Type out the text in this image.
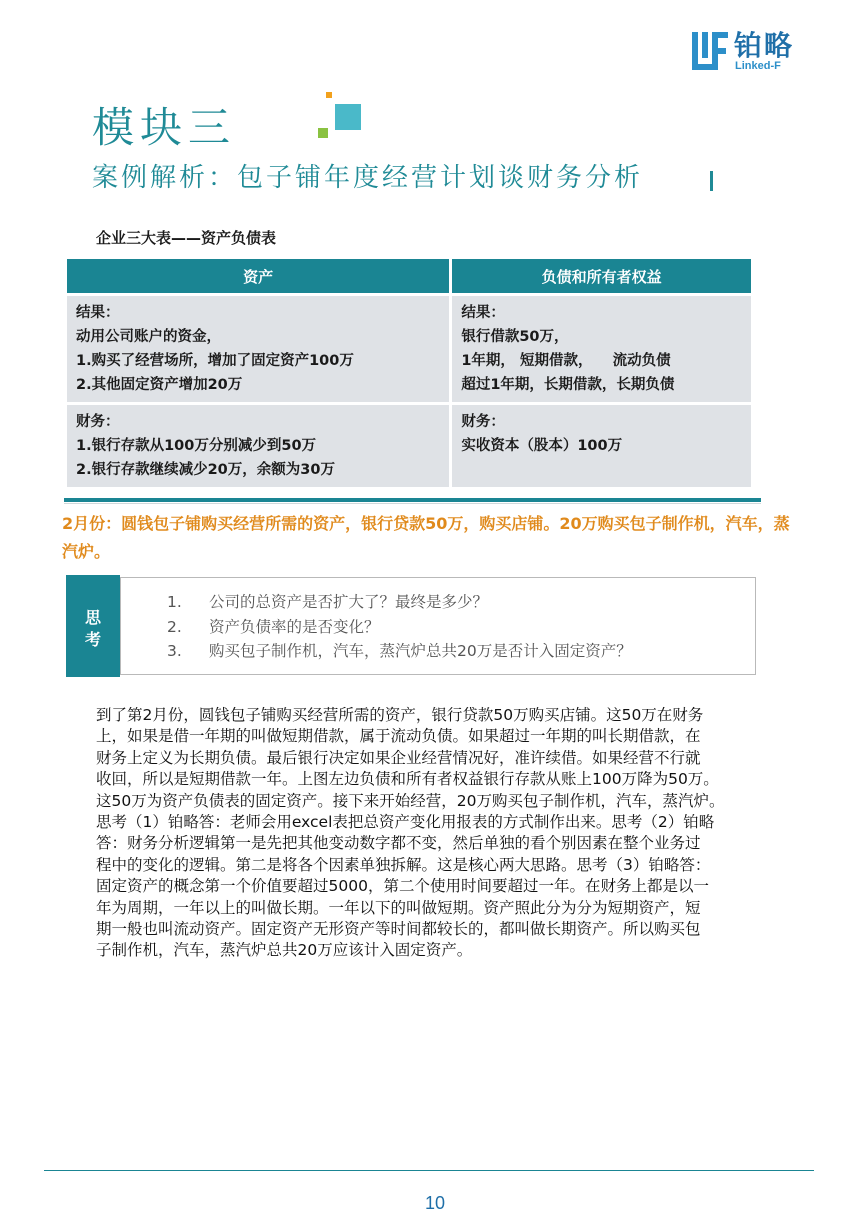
铂略
Linked-F
模块三
案例解析：包子铺年度经营计划谈财务分析
企业三大表——资产负债表
资产	负债和所有者权益

结果：
动用公司账户的资金，
1.购买了经营场所，增加了固定资产100万
2.其他固定资产增加20万	结果：
银行借款50万，
1年期， 短期借款，    流动负债
超过1年期，长期借款，长期负债

财务：
1.银行存款从100万分别减少到50万
2.银行存款继续减少20万，余额为30万	财务：
实收资本（股本）100万
2月份：圆钱包子铺购买经营所需的资产，银行贷款50万，购买店铺。20万购买包子制作机，汽车，蒸汽炉。
思
考
1. 公司的总资产是否扩大了？最终是多少？
2. 资产负债率的是否变化？
3. 购买包子制作机，汽车，蒸汽炉总共20万是否计入固定资产？
到了第2月份，圆钱包子铺购买经营所需的资产，银行贷款50万购买店铺。这50万在财务
上，如果是借一年期的叫做短期借款，属于流动负债。如果超过一年期的叫长期借款，在
财务上定义为长期负债。最后银行决定如果企业经营情况好，准许续借。如果经营不行就
收回，所以是短期借款一年。上图左边负债和所有者权益银行存款从账上100万降为50万。
这50万为资产负债表的固定资产。接下来开始经营，20万购买包子制作机，汽车，蒸汽炉。
思考（1）铂略答：老师会用excel表把总资产变化用报表的方式制作出来。思考（2）铂略
答：财务分析逻辑第一是先把其他变动数字都不变，然后单独的看个别因素在整个业务过
程中的变化的逻辑。第二是将各个因素单独拆解。这是核心两大思路。思考（3）铂略答：
固定资产的概念第一个价值要超过5000，第二个使用时间要超过一年。在财务上都是以一
年为周期，一年以上的叫做长期。一年以下的叫做短期。资产照此分为分为短期资产，短
期一般也叫流动资产。固定资产无形资产等时间都较长的，都叫做长期资产。所以购买包
子制作机，汽车，蒸汽炉总共20万应该计入固定资产。
10
